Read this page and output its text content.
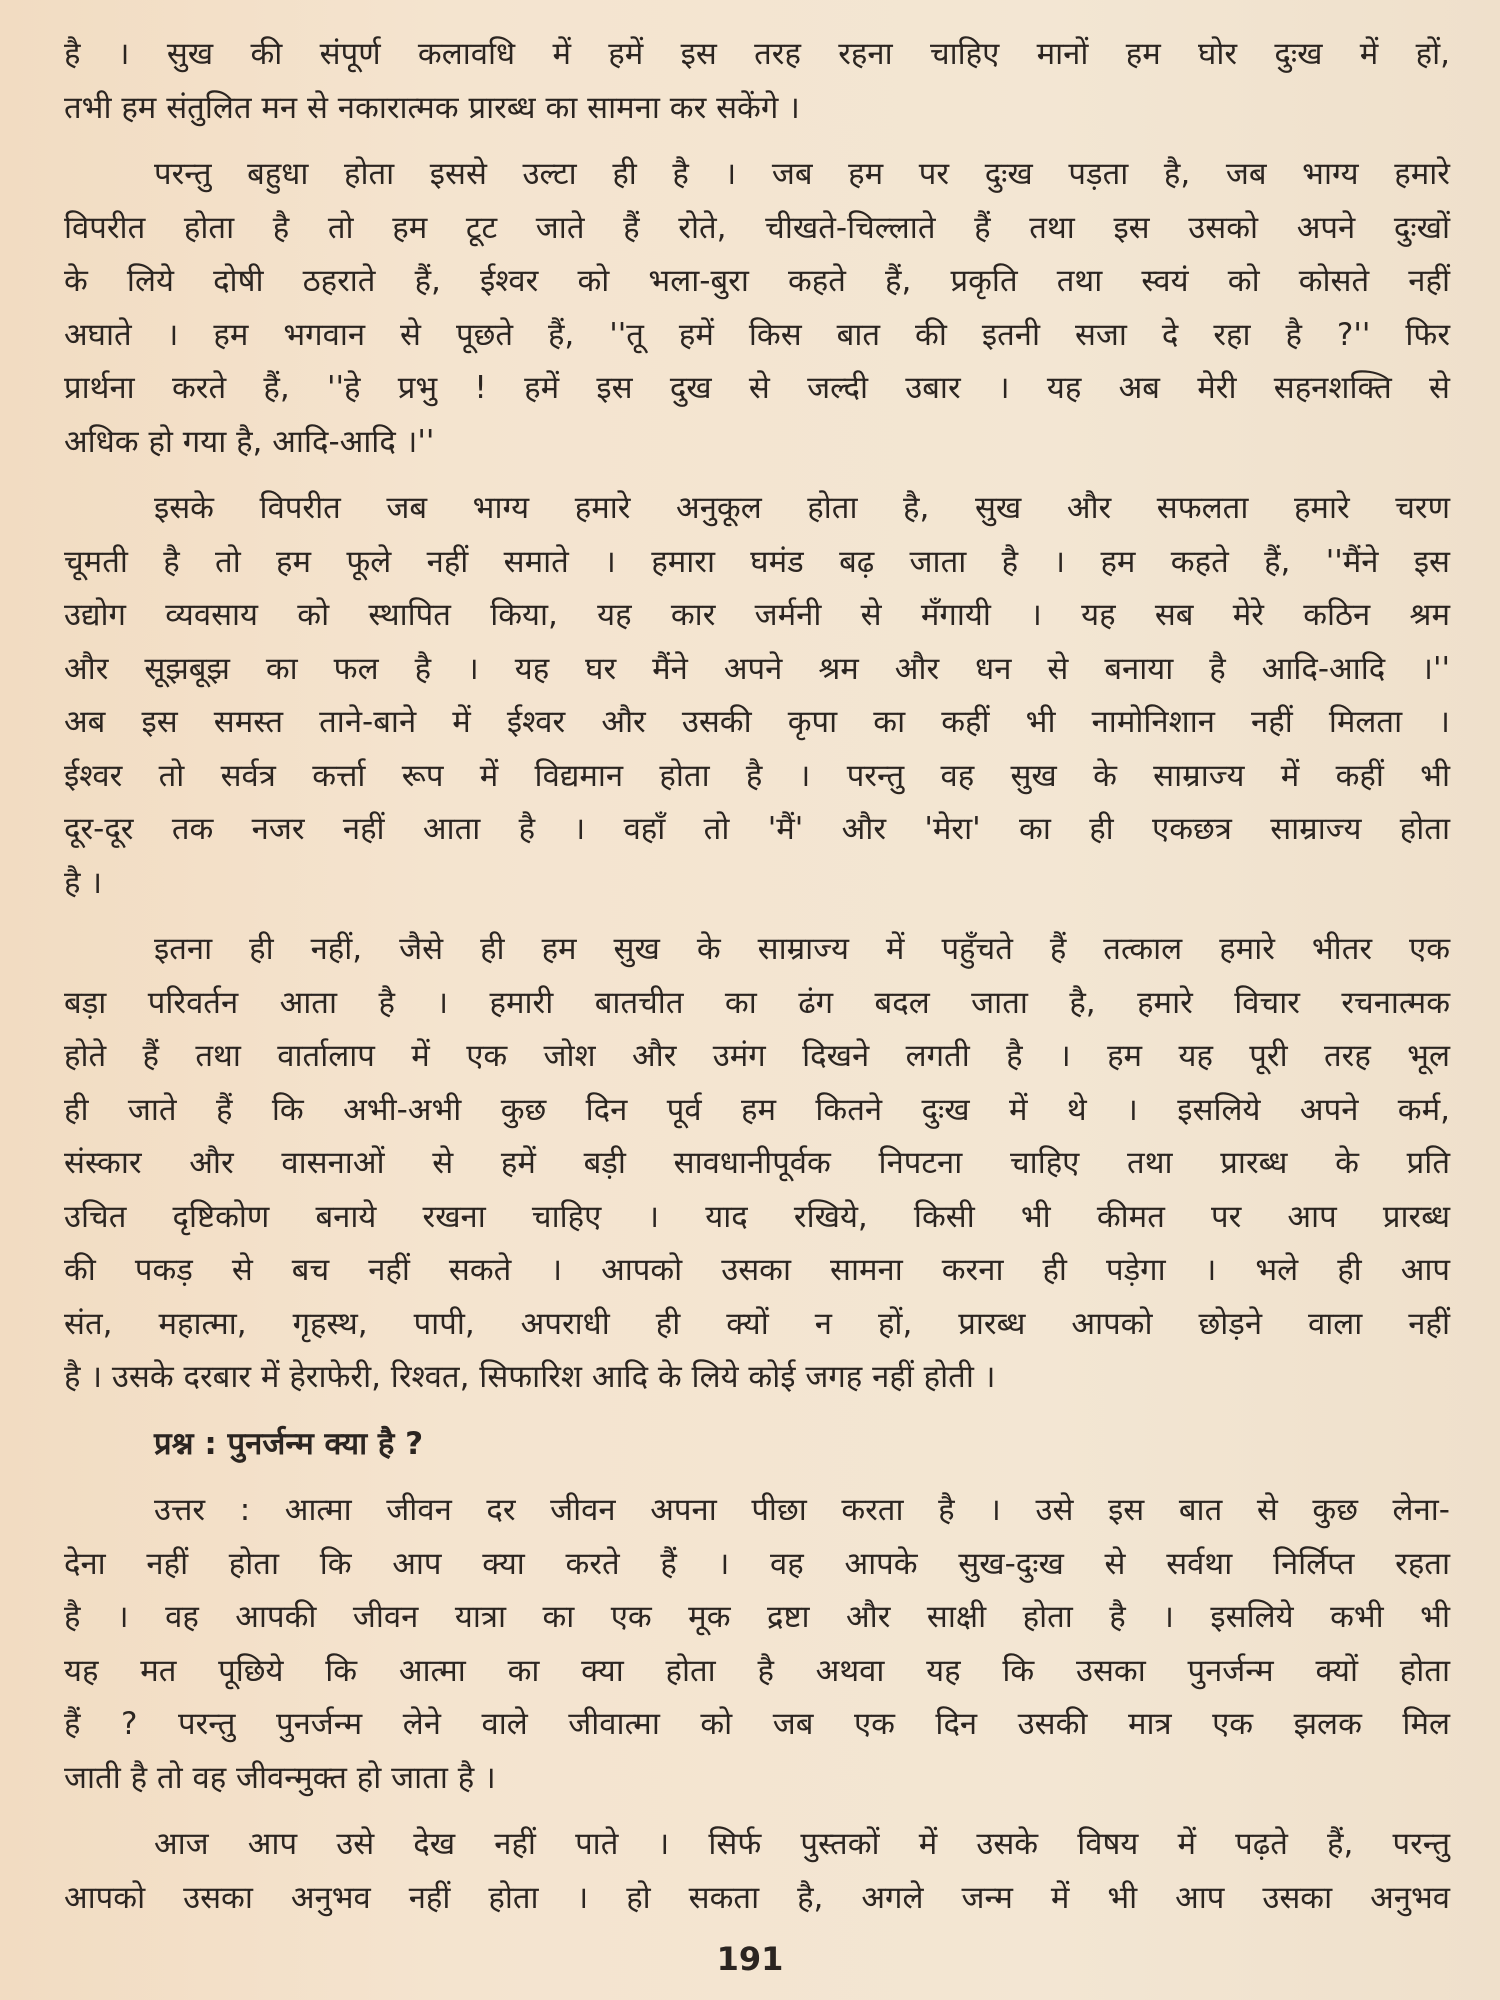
है । सुख की संपूर्ण कलावधि में हमें इस तरह रहना चाहिए मानों हम घोर दुःख में हों,
तभी हम संतुलित मन से नकारात्मक प्रारब्ध का सामना कर सकेंगे ।
परन्तु बहुधा होता इससे उल्टा ही है । जब हम पर दुःख पड़ता है, जब भाग्य हमारे
विपरीत होता है तो हम टूट जाते हैं रोते, चीखते-चिल्लाते हैं तथा इस उसको अपने दुःखों
के लिये दोषी ठहराते हैं, ईश्वर को भला-बुरा कहते हैं, प्रकृति तथा स्वयं को कोसते नहीं
अघाते । हम भगवान से पूछते हैं, ''तू हमें किस बात की इतनी सजा दे रहा है ?'' फिर
प्रार्थना करते हैं, ''हे प्रभु ! हमें इस दुख से जल्दी उबार । यह अब मेरी सहनशक्ति से
अधिक हो गया है, आदि-आदि ।''
इसके विपरीत जब भाग्य हमारे अनुकूल होता है, सुख और सफलता हमारे चरण
चूमती है तो हम फूले नहीं समाते । हमारा घमंड बढ़ जाता है । हम कहते हैं, ''मैंने इस
उद्योग व्यवसाय को स्थापित किया, यह कार जर्मनी से मँगायी । यह सब मेरे कठिन श्रम
और सूझबूझ का फल है । यह घर मैंने अपने श्रम और धन से बनाया है आदि-आदि ।''
अब इस समस्त ताने-बाने में ईश्वर और उसकी कृपा का कहीं भी नामोनिशान नहीं मिलता ।
ईश्वर तो सर्वत्र कर्त्ता रूप में विद्यमान होता है । परन्तु वह सुख के साम्राज्य में कहीं भी
दूर-दूर तक नजर नहीं आता है । वहाँ तो 'मैं' और 'मेरा' का ही एकछत्र साम्राज्य होता
है ।
इतना ही नहीं, जैसे ही हम सुख के साम्राज्य में पहुँचते हैं तत्काल हमारे भीतर एक
बड़ा परिवर्तन आता है । हमारी बातचीत का ढंग बदल जाता है, हमारे विचार रचनात्मक
होते हैं तथा वार्तालाप में एक जोश और उमंग दिखने लगती है । हम यह पूरी तरह भूल
ही जाते हैं कि अभी-अभी कुछ दिन पूर्व हम कितने दुःख में थे । इसलिये अपने कर्म,
संस्कार और वासनाओं से हमें बड़ी सावधानीपूर्वक निपटना चाहिए तथा प्रारब्ध के प्रति
उचित दृष्टिकोण बनाये रखना चाहिए । याद रखिये, किसी भी कीमत पर आप प्रारब्ध
की पकड़ से बच नहीं सकते । आपको उसका सामना करना ही पड़ेगा । भले ही आप
संत, महात्मा, गृहस्थ, पापी, अपराधी ही क्यों न हों, प्रारब्ध आपको छोड़ने वाला नहीं
है । उसके दरबार में हेराफेरी, रिश्वत, सिफारिश आदि के लिये कोई जगह नहीं होती ।
प्रश्न : पुनर्जन्म क्या है ?
उत्तर : आत्मा जीवन दर जीवन अपना पीछा करता है । उसे इस बात से कुछ लेना-
देना नहीं होता कि आप क्या करते हैं । वह आपके सुख-दुःख से सर्वथा निर्लिप्त रहता
है । वह आपकी जीवन यात्रा का एक मूक द्रष्टा और साक्षी होता है । इसलिये कभी भी
यह मत पूछिये कि आत्मा का क्या होता है अथवा यह कि उसका पुनर्जन्म क्यों होता
हैं ? परन्तु पुनर्जन्म लेने वाले जीवात्मा को जब एक दिन उसकी मात्र एक झलक मिल
जाती है तो वह जीवन्मुक्त हो जाता है ।
आज आप उसे देख नहीं पाते । सिर्फ पुस्तकों में उसके विषय में पढ़ते हैं, परन्तु
आपको उसका अनुभव नहीं होता । हो सकता है, अगले जन्म में भी आप उसका अनुभव
191
